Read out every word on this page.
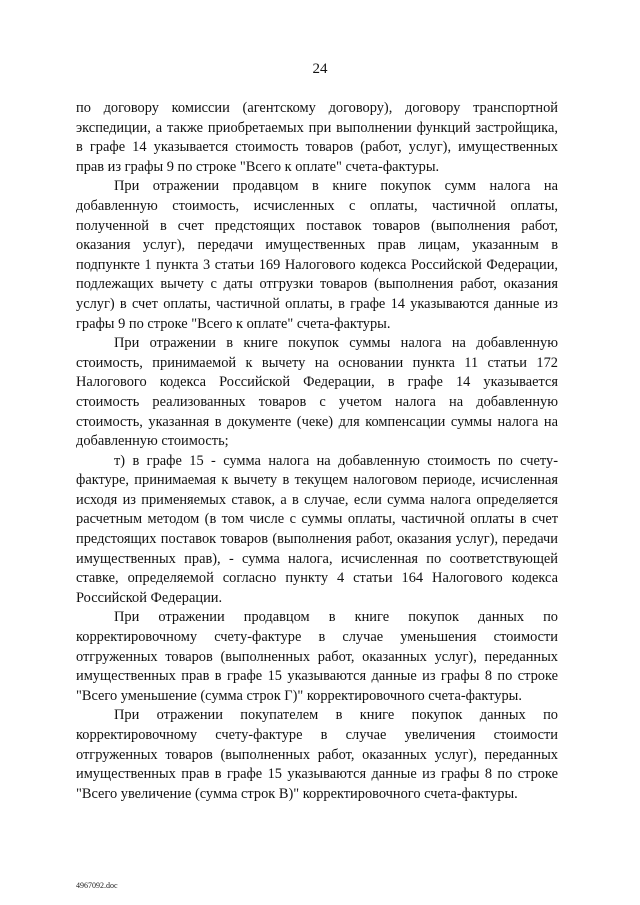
24

по договору комиссии (агентскому договору), договору транспортной экспедиции, а также приобретаемых при выполнении функций застройщика, в графе 14 указывается стоимость товаров (работ, услуг), имущественных прав из графы 9 по строке "Всего к оплате" счета-фактуры.

При отражении продавцом в книге покупок сумм налога на добавленную стоимость, исчисленных с оплаты, частичной оплаты, полученной в счет предстоящих поставок товаров (выполнения работ, оказания услуг), передачи имущественных прав лицам, указанным в подпункте 1 пункта 3 статьи 169 Налогового кодекса Российской Федерации, подлежащих вычету с даты отгрузки товаров (выполнения работ, оказания услуг) в счет оплаты, частичной оплаты, в графе 14 указываются данные из графы 9 по строке "Всего к оплате" счета-фактуры.

При отражении в книге покупок суммы налога на добавленную стоимость, принимаемой к вычету на основании пункта 11 статьи 172 Налогового кодекса Российской Федерации, в графе 14 указывается стоимость реализованных товаров с учетом налога на добавленную стоимость, указанная в документе (чеке) для компенсации суммы налога на добавленную стоимость;

т) в графе 15 - сумма налога на добавленную стоимость по счету-фактуре, принимаемая к вычету в текущем налоговом периоде, исчисленная исходя из применяемых ставок, а в случае, если сумма налога определяется расчетным методом (в том числе с суммы оплаты, частичной оплаты в счет предстоящих поставок товаров (выполнения работ, оказания услуг), передачи имущественных прав), - сумма налога, исчисленная по соответствующей ставке, определяемой согласно пункту 4 статьи 164 Налогового кодекса Российской Федерации.

При отражении продавцом в книге покупок данных по корректировочному счету-фактуре в случае уменьшения стоимости отгруженных товаров (выполненных работ, оказанных услуг), переданных имущественных прав в графе 15 указываются данные из графы 8 по строке "Всего уменьшение (сумма строк Г)" корректировочного счета-фактуры.

При отражении покупателем в книге покупок данных по корректировочному счету-фактуре в случае увеличения стоимости отгруженных товаров (выполненных работ, оказанных услуг), переданных имущественных прав в графе 15 указываются данные из графы 8 по строке "Всего увеличение (сумма строк В)" корректировочного счета-фактуры.

4967092.doc
